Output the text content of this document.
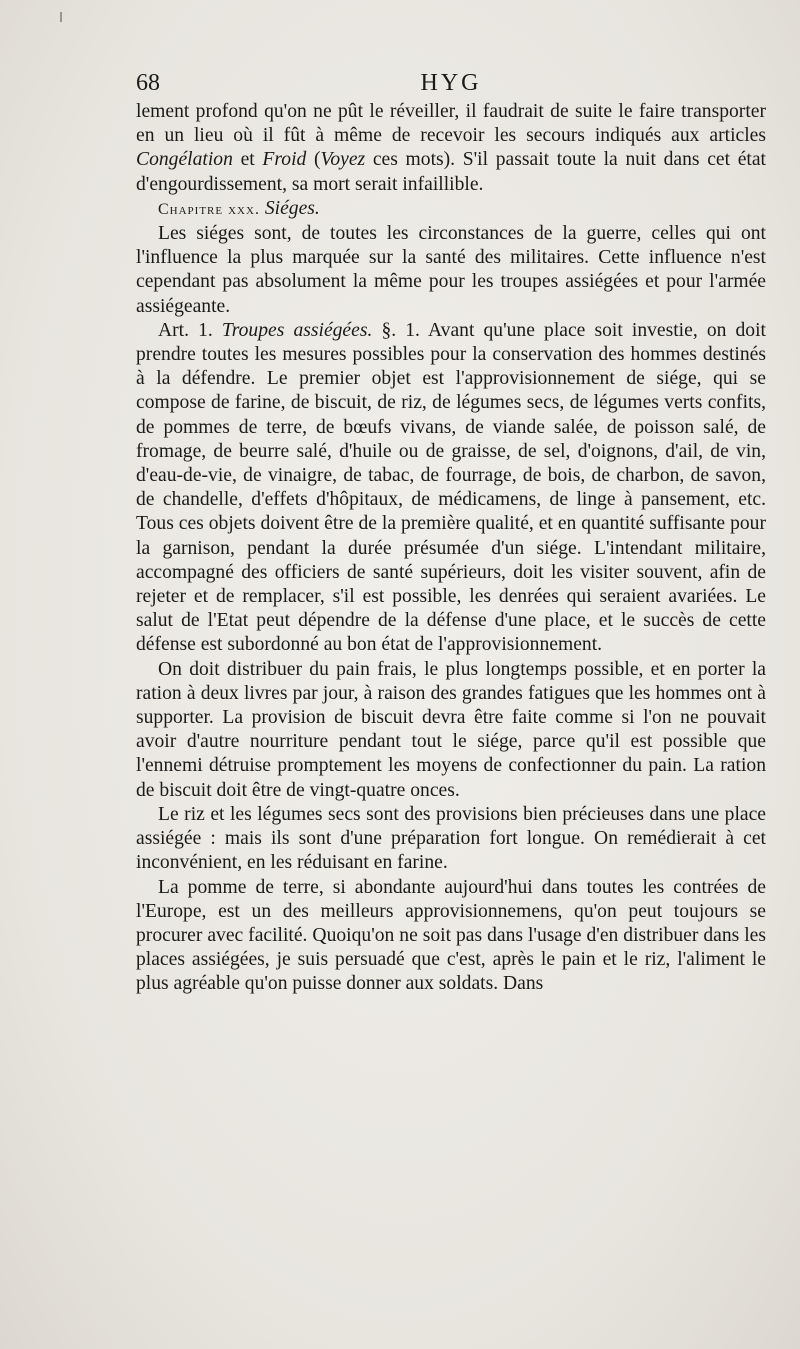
68	HYG

lement profond qu'on ne pût le réveiller, il faudrait de suite le faire transporter en un lieu où il fût à même de recevoir les secours indiqués aux articles Congélation et Froid (Voyez ces mots). S'il passait toute la nuit dans cet état d'engourdissement, sa mort serait infaillible.

Chapitre xxx. Siéges.

Les siéges sont, de toutes les circonstances de la guerre, celles qui ont l'influence la plus marquée sur la santé des militaires. Cette influence n'est cependant pas absolument la même pour les troupes assiégées et pour l'armée assiégeante.

Art. 1. Troupes assiégées. §. 1. Avant qu'une place soit investie, on doit prendre toutes les mesures possibles pour la conservation des hommes destinés à la défendre. Le premier objet est l'approvisionnement de siége, qui se compose de farine, de biscuit, de riz, de légumes secs, de légumes verts confits, de pommes de terre, de bœufs vivans, de viande salée, de poisson salé, de fromage, de beurre salé, d'huile ou de graisse, de sel, d'oignons, d'ail, de vin, d'eau-de-vie, de vinaigre, de tabac, de fourrage, de bois, de charbon, de savon, de chandelle, d'effets d'hôpitaux, de médicamens, de linge à pansement, etc. Tous ces objets doivent être de la première qualité, et en quantité suffisante pour la garnison, pendant la durée présumée d'un siége. L'intendant militaire, accompagné des officiers de santé supérieurs, doit les visiter souvent, afin de rejeter et de remplacer, s'il est possible, les denrées qui seraient avariées. Le salut de l'Etat peut dépendre de la défense d'une place, et le succès de cette défense est subordonné au bon état de l'approvisionnement.

On doit distribuer du pain frais, le plus longtemps possible, et en porter la ration à deux livres par jour, à raison des grandes fatigues que les hommes ont à supporter. La provision de biscuit devra être faite comme si l'on ne pouvait avoir d'autre nourriture pendant tout le siége, parce qu'il est possible que l'ennemi détruise promptement les moyens de confectionner du pain. La ration de biscuit doit être de vingt-quatre onces.

Le riz et les légumes secs sont des provisions bien précieuses dans une place assiégée : mais ils sont d'une préparation fort longue. On remédierait à cet inconvénient, en les réduisant en farine.

La pomme de terre, si abondante aujourd'hui dans toutes les contrées de l'Europe, est un des meilleurs approvisionnemens, qu'on peut toujours se procurer avec facilité. Quoiqu'on ne soit pas dans l'usage d'en distribuer dans les places assiégées, je suis persuadé que c'est, après le pain et le riz, l'aliment le plus agréable qu'on puisse donner aux soldats. Dans
